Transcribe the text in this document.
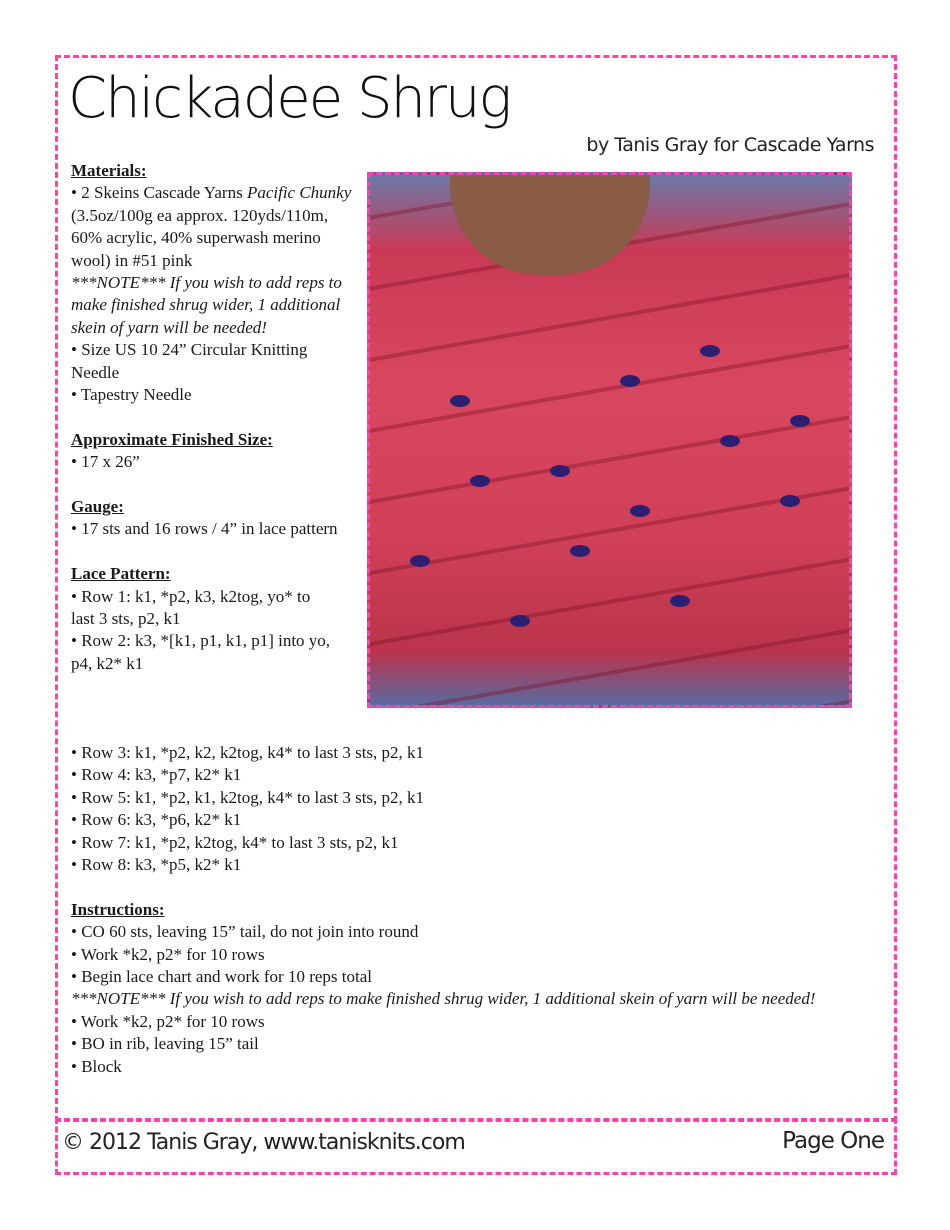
Chickadee Shrug
by Tanis Gray for Cascade Yarns
Materials:
• 2 Skeins Cascade Yarns Pacific Chunky (3.5oz/100g ea approx. 120yds/110m, 60% acrylic, 40% superwash merino wool) in #51 pink
***NOTE*** If you wish to add reps to make finished shrug wider, 1 additional skein of yarn will be needed!
• Size US 10 24” Circular Knitting Needle
• Tapestry Needle
Approximate Finished Size:
• 17 x 26”
Gauge:
• 17 sts and 16 rows / 4” in lace pattern
Lace Pattern:
• Row 1: k1, *p2, k3, k2tog, yo* to last 3 sts, p2, k1
• Row 2: k3, *[k1, p1, k1, p1] into yo, p4, k2* k1
• Row 3: k1, *p2, k2, k2tog, k4* to last 3 sts, p2, k1
• Row 4: k3, *p7, k2* k1
• Row 5: k1, *p2, k1, k2tog, k4* to last 3 sts, p2, k1
• Row 6: k3, *p6, k2* k1
• Row 7: k1, *p2, k2tog, k4* to last 3 sts, p2, k1
• Row 8: k3, *p5, k2* k1
Instructions:
• CO 60 sts, leaving 15” tail, do not join into round
• Work *k2, p2* for 10 rows
• Begin lace chart and work for 10 reps total
***NOTE*** If you wish to add reps to make finished shrug wider, 1 additional skein of yarn will be needed!
• Work *k2, p2* for 10 rows
• BO in rib, leaving 15” tail
• Block
© 2012 Tanis Gray, www.tanisknits.com	Page One
